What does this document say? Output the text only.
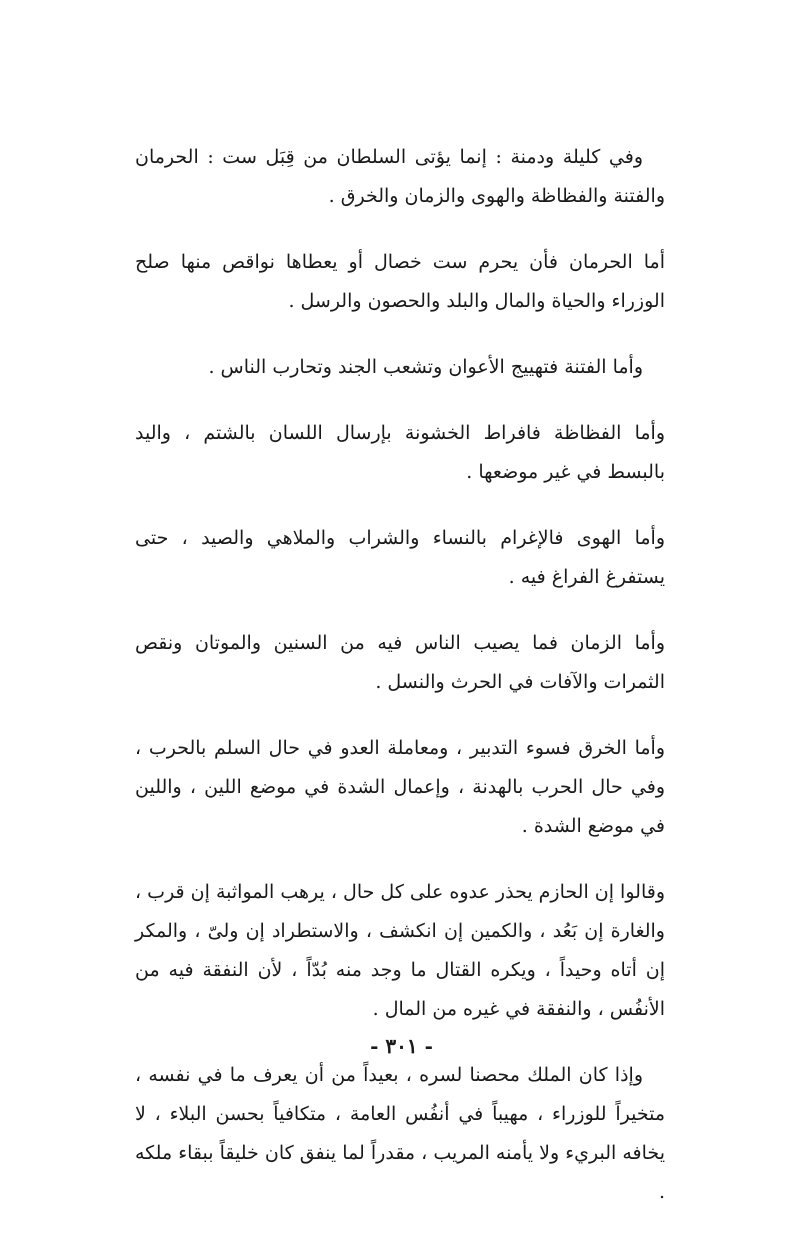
وفي كليلة ودمنة : إنما يؤتى السلطان من قِبَل ست : الحرمان والفتنة والفظاظة والهوى والزمان والخرق .

أما الحرمان فأن يحرم ست خصال أو يعطاها نواقص منها صلح الوزراء والحياة والمال والبلد والحصون والرسل .

وأما الفتنة فتهييج الأعوان وتشعب الجند وتحارب الناس .

وأما الفظاظة فافراط الخشونة بإرسال اللسان بالشتم ، واليد بالبسط في غير موضعها .

وأما الهوى فالإغرام بالنساء والشراب والملاهي والصيد ، حتى يستفرغ الفراغ فيه .

وأما الزمان فما يصيب الناس فيه من السنين والموتان ونقص الثمرات والآفات في الحرث والنسل .

وأما الخرق فسوء التدبير ، ومعاملة العدو في حال السلم بالحرب ، وفي حال الحرب بالهدنة ، وإعمال الشدة في موضع اللين ، واللين في موضع الشدة .

وقالوا إن الحازم يحذر عدوه على كل حال ، يرهب المواثبة إن قرب ، والغارة إن بَعُد ، والكمين إن انكشف ، والاستطراد إن ولىّ ، والمكر إن أتاه وحيداً ، ويكره القتال ما وجد منه بُدّاً ، لأن النفقة فيه من الأنفُس ، والنفقة في غيره من المال .

وإذا كان الملك محصنا لسره ، بعيداً من أن يعرف ما في نفسه ، متخيراً للوزراء ، مهيباً في أنفُس العامة ، متكافياً بحسن البلاء ، لا يخافه البريء ولا يأمنه المريب ، مقدراً لما ينفق كان خليقاً ببقاء ملكه .

- ٣٠١ -
